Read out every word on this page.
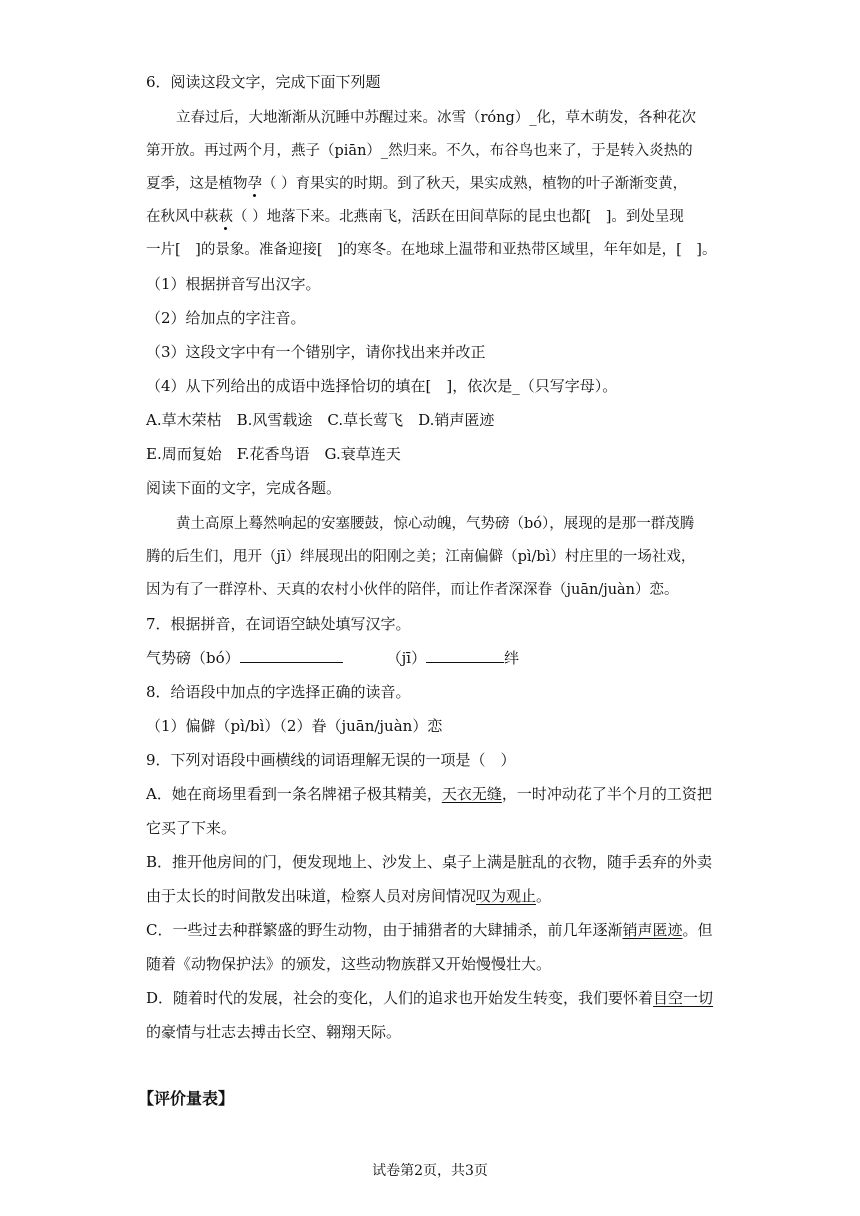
6．阅读这段文字，完成下面下列题
立春过后，大地渐渐从沉睡中苏醒过来。冰雪（róng）_化，草木萌发，各种花次
第开放。再过两个月，燕子（piān）_然归来。不久，布谷鸟也来了，于是转入炎热的
夏季，这是植物孕（ ）育果实的时期。到了秋天，果实成熟，植物的叶子渐渐变黄，
在秋风中萩萩（ ）地落下来。北燕南飞，活跃在田间草际的昆虫也都[　]。到处呈现
一片[　]的景象。准备迎接[　]的寒冬。在地球上温带和亚热带区域里，年年如是，[　]。
（1）根据拼音写出汉字。
（2）给加点的字注音。
（3）这段文字中有一个错别字，请你找出来并改正
（4）从下列给出的成语中选择恰切的填在[　]，依次是_（只写字母）。
A.草木荣枯　B.风雪载途　C.草长莺飞　D.销声匿迹
E.周而复始　F.花香鸟语　G.衰草连天
阅读下面的文字，完成各题。
黄土高原上蓦然响起的安塞腰鼓，惊心动魄，气势磅（bó），展现的是那一群茂腾
腾的后生们，甩开（jī）绊展现出的阳刚之美；江南偏僻（pì/bì）村庄里的一场社戏，
因为有了一群淳朴、天真的农村小伙伴的陪伴，而让作者深深眷（juān/juàn）恋。
7．根据拼音，在词语空缺处填写汉字。
气势磅（bó）	（jī）	绊
8．给语段中加点的字选择正确的读音。
（1）偏僻（pì/bì）（2）眷（juān/juàn）恋
9．下列对语段中画横线的词语理解无误的一项是（　）
A．她在商场里看到一条名牌裙子极其精美，天衣无缝，一时冲动花了半个月的工资把
它买了下来。
B．推开他房间的门，便发现地上、沙发上、桌子上满是脏乱的衣物，随手丢弃的外卖
由于太长的时间散发出味道，检察人员对房间情况叹为观止。
C．一些过去种群繁盛的野生动物，由于捕猎者的大肆捕杀，前几年逐渐销声匿迹。但
随着《动物保护法》的颁发，这些动物族群又开始慢慢壮大。
D．随着时代的发展，社会的变化，人们的追求也开始发生转变，我们要怀着目空一切
的豪情与壮志去搏击长空、翱翔天际。
【评价量表】
试卷第2页，共3页
